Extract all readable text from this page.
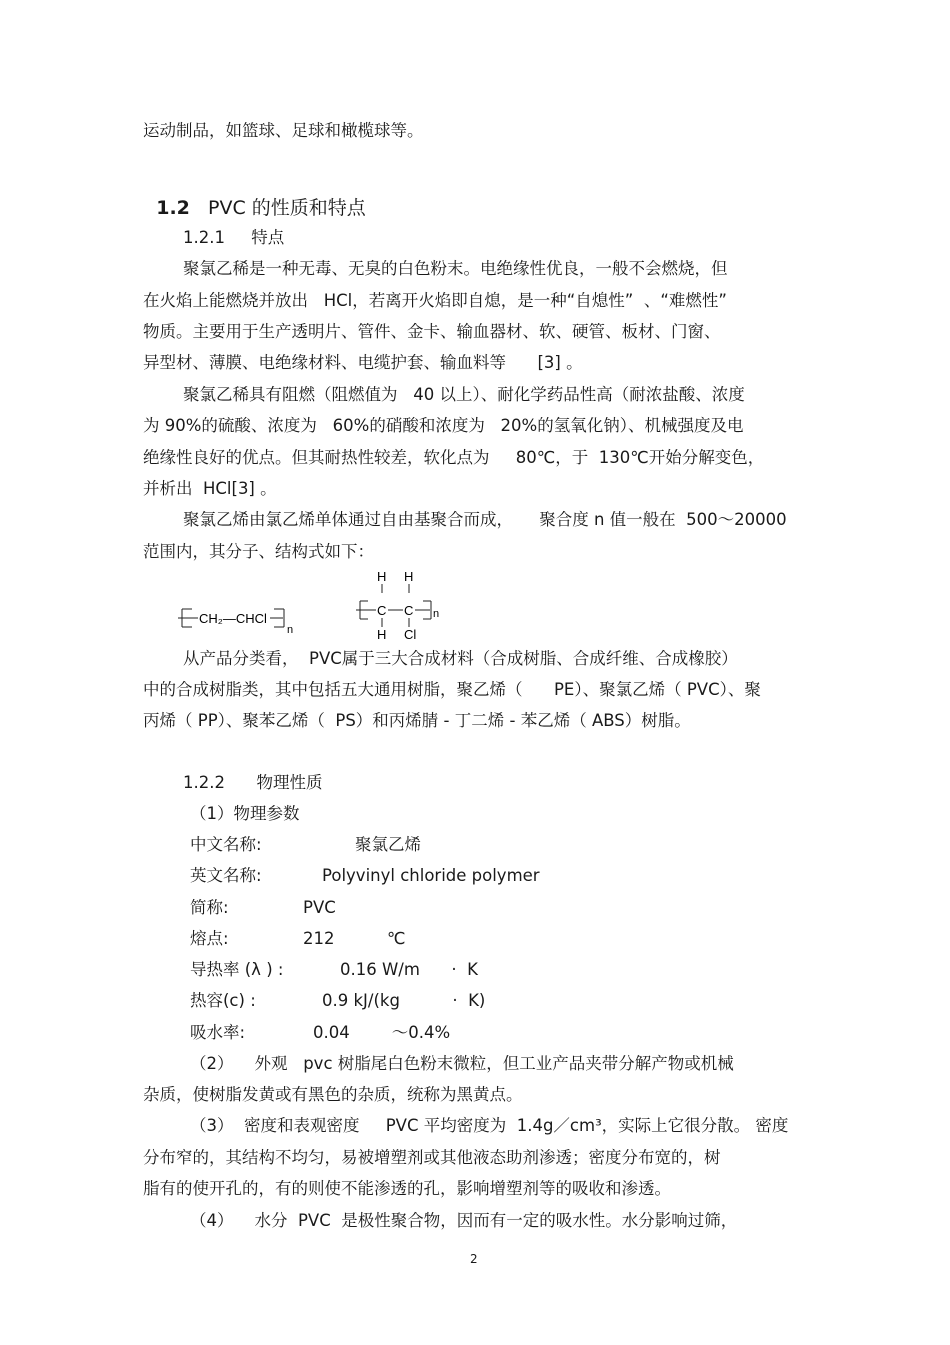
运动制品，如篮球、足球和橄榄球等。
1.2.1     特点
聚氯乙稀是一种无毒、无臭的白色粉末。电绝缘性优良，一般不会燃烧，但
在火焰上能燃烧并放出   HCl，若离开火焰即自熄，是一种“自熄性”  、“难燃性”
物质。主要用于生产透明片、管件、金卡、输血器材、软、硬管、板材、门窗、
异型材、薄膜、电绝缘材料、电缆护套、输血料等      [3] 。
聚氯乙稀具有阻燃（阻燃值为   40 以上）、耐化学药品性高（耐浓盐酸、浓度
为 90%的硫酸、浓度为   60%的硝酸和浓度为   20%的氢氧化钠）、机械强度及电
绝缘性良好的优点。但其耐热性较差，软化点为     80℃，于  130℃开始分解变色，
并析出  HCl[3] 。
聚氯乙烯由氯乙烯单体通过自由基聚合而成，     聚合度 n 值一般在  500～20000
范围内，其分子、结构式如下：
从产品分类看，  PVC属于三大合成材料（合成树脂、合成纤维、合成橡胶）
中的合成树脂类，其中包括五大通用树脂，聚乙烯（      PE）、聚氯乙烯（ PVC）、聚
丙烯（ PP）、聚苯乙烯（  PS）和丙烯腈 - 丁二烯 - 苯乙烯（ ABS）树脂。
1.2.2      物理性质
（1）物理参数
（2）    外观   pvc 树脂尾白色粉末微粒，但工业产品夹带分解产物或机械
杂质，使树脂发黄或有黑色的杂质，统称为黑黄点。
（3）  密度和表观密度     PVC 平均密度为  1.4g／cm³，实际上它很分散。 密度
分布窄的，其结构不均匀，易被增塑剂或其他液态助剂渗透；密度分布宽的，树
脂有的使开孔的，有的则使不能渗透的孔，影响增塑剂等的吸收和渗透。
（4）    水分  PVC  是极性聚合物，因而有一定的吸水性。水分影响过筛，

1.2   PVC 的性质和特点

中文名称:	聚氯乙烯
英文名称:	Polyvinyl chloride polymer
简称:	PVC
熔点:	212          ℃
导热率 (λ ) :	0.16 W/m      ·  K
热容(c) :	0.9 kJ/(kg          ·  K)
吸水率:	0.04        ～0.4%
CH₂—CHCl
n
H H
C C n
H Cl
2
